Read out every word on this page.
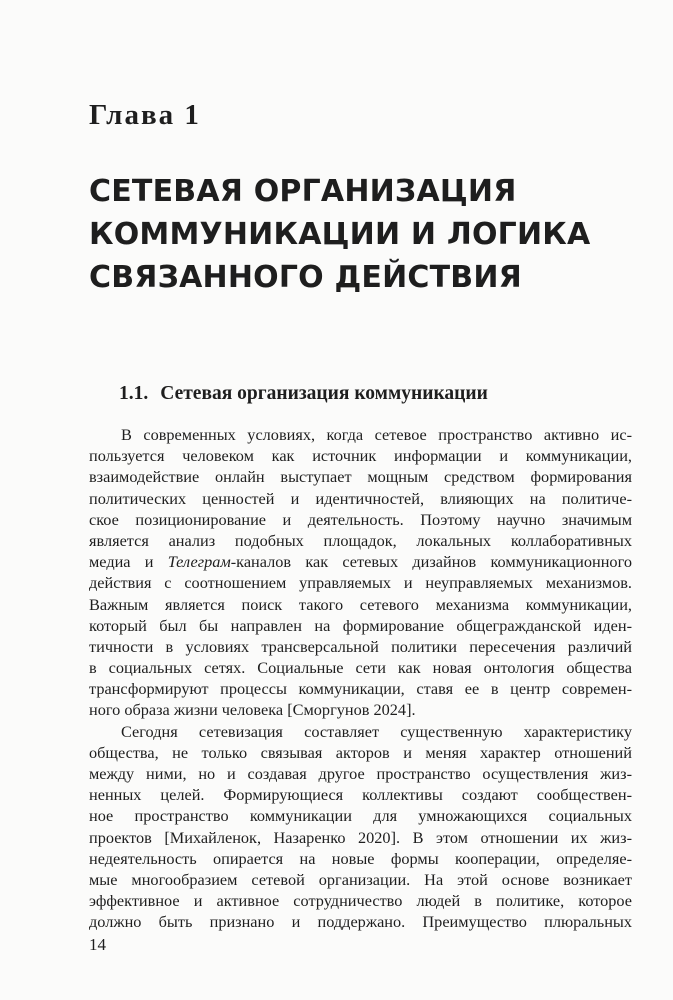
Глава 1
СЕТЕВАЯ ОРГАНИЗАЦИЯ
КОММУНИКАЦИИ И ЛОГИКА
СВЯЗАННОГО ДЕЙСТВИЯ
1.1. Сетевая организация коммуникации
В современных условиях, когда сетевое пространство активно ис-
пользуется человеком как источник информации и коммуникации,
взаимодействие онлайн выступает мощным средством формирования
политических ценностей и идентичностей, влияющих на политиче-
ское позиционирование и деятельность. Поэтому научно значимым
является анализ подобных площадок, локальных коллаборативных
медиа и Телеграм-каналов как сетевых дизайнов коммуникационного
действия с соотношением управляемых и неуправляемых механизмов.
Важным является поиск такого сетевого механизма коммуникации,
который был бы направлен на формирование общегражданской иден-
тичности в условиях трансверсальной политики пересечения различий
в социальных сетях. Социальные сети как новая онтология общества
трансформируют процессы коммуникации, ставя ее в центр современ-
ного образа жизни человека [Сморгунов 2024].
Сегодня сетевизация составляет существенную характеристику
общества, не только связывая акторов и меняя характер отношений
между ними, но и создавая другое пространство осуществления жиз-
ненных целей. Формирующиеся коллективы создают сообществен-
ное пространство коммуникации для умножающихся социальных
проектов [Михайленок, Назаренко 2020]. В этом отношении их жиз-
недеятельность опирается на новые формы кооперации, определяе-
мые многообразием сетевой организации. На этой основе возникает
эффективное и активное сотрудничество людей в политике, которое
должно быть признано и поддержано. Преимущество плюральных
14
